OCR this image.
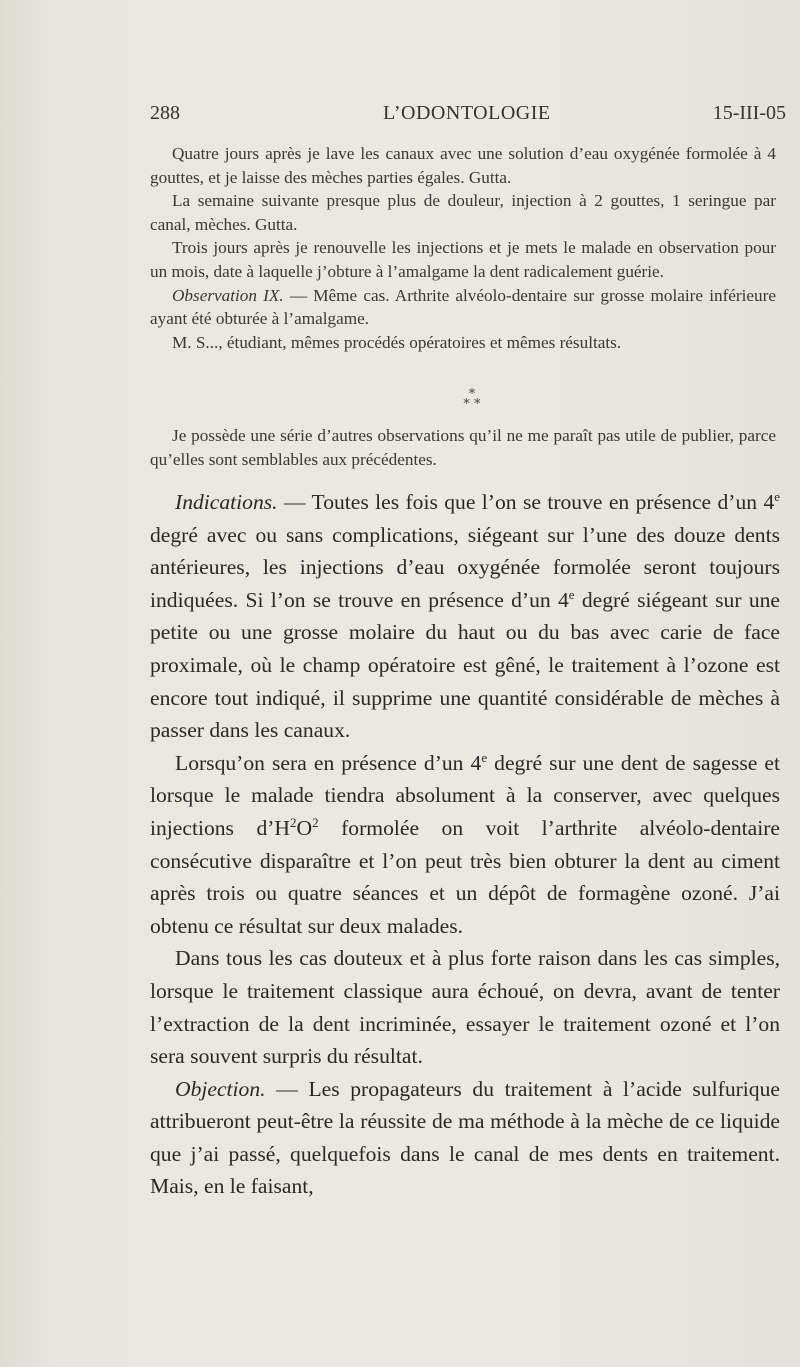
288	L’ODONTOLOGIE	15-III-05

Quatre jours après je lave les canaux avec une solution d’eau oxygénée formolée à 4 gouttes, et je laisse des mèches parties égales. Gutta.

La semaine suivante presque plus de douleur, injection à 2 gouttes, 1 seringue par canal, mèches. Gutta.

Trois jours après je renouvelle les injections et je mets le malade en observation pour un mois, date à laquelle j’obture à l’amalgame la dent radicalement guérie.

Observation IX. — Même cas. Arthrite alvéolo-dentaire sur grosse molaire inférieure ayant été obturée à l’amalgame.

M. S..., étudiant, mêmes procédés opératoires et mêmes résultats.

*
* *

Je possède une série d’autres observations qu’il ne me paraît pas utile de publier, parce qu’elles sont semblables aux précédentes.

Indications. — Toutes les fois que l’on se trouve en présence d’un 4e degré avec ou sans complications, siégeant sur l’une des douze dents antérieures, les injections d’eau oxygénée formolée seront toujours indiquées. Si l’on se trouve en présence d’un 4e degré siégeant sur une petite ou une grosse molaire du haut ou du bas avec carie de face proximale, où le champ opératoire est gêné, le traitement à l’ozone est encore tout indiqué, il supprime une quantité considérable de mèches à passer dans les canaux.

Lorsqu’on sera en présence d’un 4e degré sur une dent de sagesse et lorsque le malade tiendra absolument à la conserver, avec quelques injections $d’H^2O^2$ formolée on voit l’arthrite alvéolo-dentaire consécutive disparaître et l’on peut très bien obturer la dent au ciment après trois ou quatre séances et un dépôt de formagène ozoné. J’ai obtenu ce résultat sur deux malades.

Dans tous les cas douteux et à plus forte raison dans les cas simples, lorsque le traitement classique aura échoué, on devra, avant de tenter l’extraction de la dent incriminée, essayer le traitement ozoné et l’on sera souvent surpris du résultat.

Objection. — Les propagateurs du traitement à l’acide sulfurique attribueront peut-être la réussite de ma méthode à la mèche de ce liquide que j’ai passé, quelquefois dans le canal de mes dents en traitement. Mais, en le faisant,
